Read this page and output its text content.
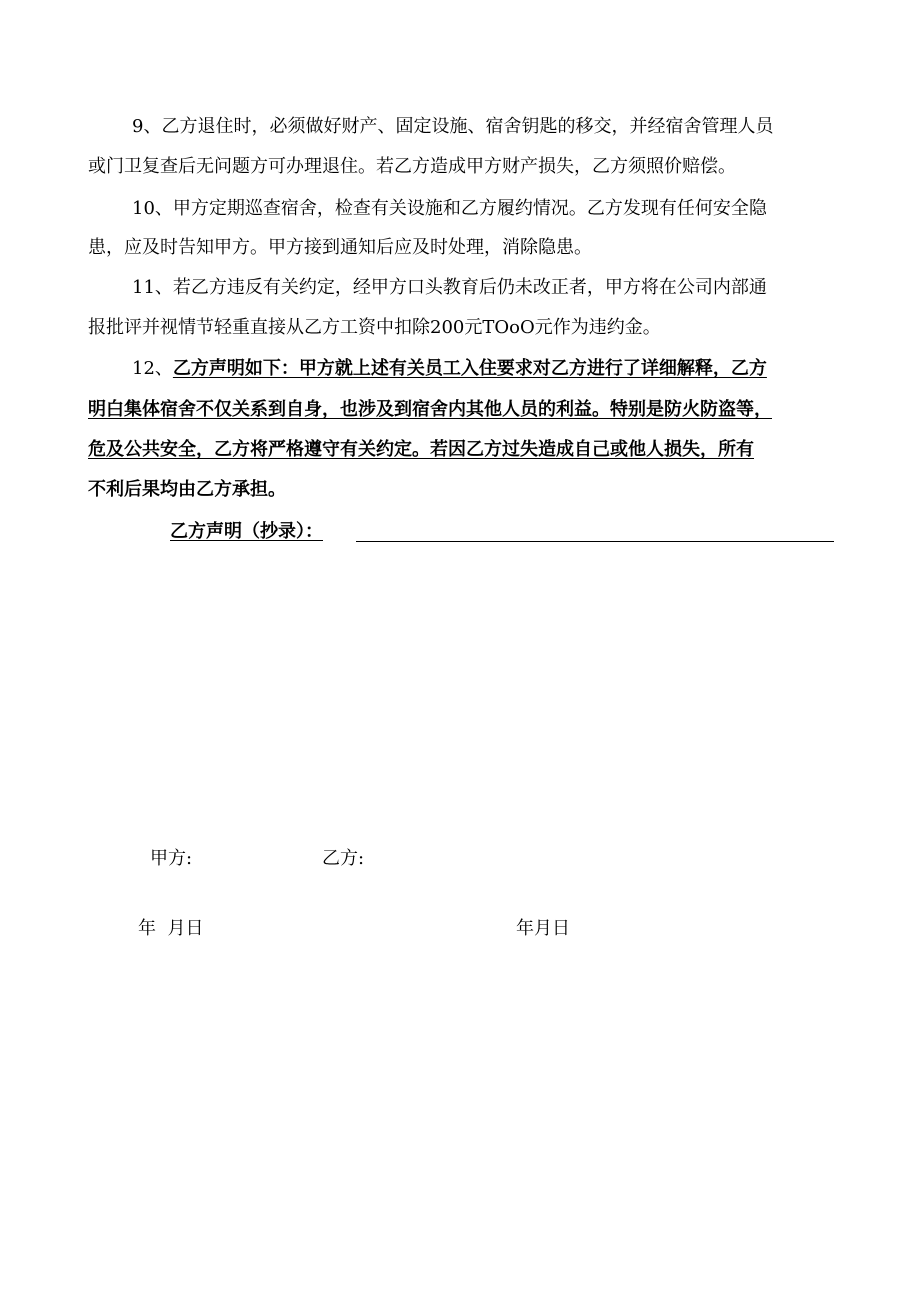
9、乙方退住时，必须做好财产、固定设施、宿舍钥匙的移交，并经宿舍管理人员
或门卫复查后无问题方可办理退住。若乙方造成甲方财产损失，乙方须照价赔偿。
10、甲方定期巡查宿舍，检查有关设施和乙方履约情况。乙方发现有任何安全隐
患，应及时告知甲方。甲方接到通知后应及时处理，消除隐患。
11、若乙方违反有关约定，经甲方口头教育后仍未改正者，甲方将在公司内部通
报批评并视情节轻重直接从乙方工资中扣除200元TOoO元作为违约金。
12、乙方声明如下：甲方就上述有关员工入住要求对乙方进行了详细解释，乙方
明白集体宿舍不仅关系到自身，也涉及到宿舍内其他人员的利益。特别是防火防盗等，
危及公共安全，乙方将严格遵守有关约定。若因乙方过失造成自己或他人损失，所有
不利后果均由乙方承担。
乙方声明（抄录）：
甲方:	乙方:
年  月日	年月日
